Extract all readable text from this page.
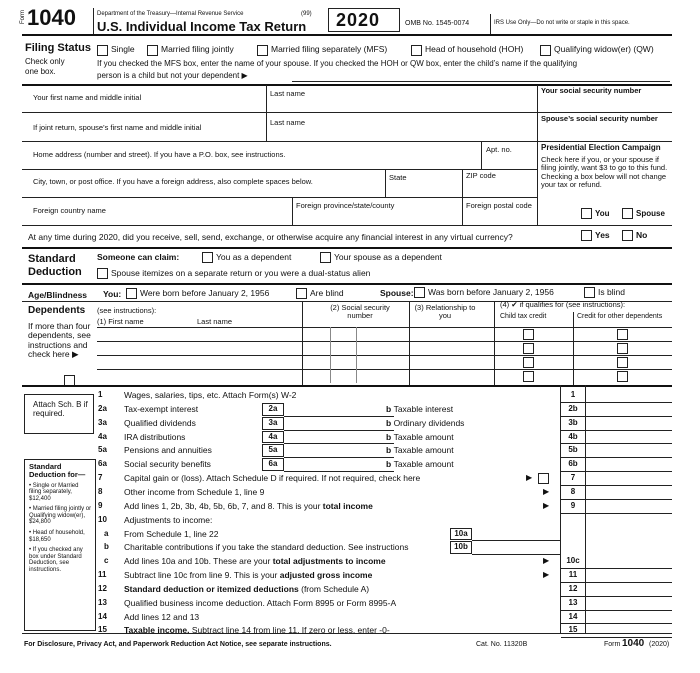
Form 1040	Department of the Treasury—Internal Revenue Service	(99)
U.S. Individual Income Tax Return 2020	OMB No. 1545-0074	IRS Use Only—Do not write or staple in this space.
Filing Status
Check only
one box.
Single	Married filing jointly	Married filing separately (MFS)	Head of household (HOH)	Qualifying widow(er) (QW)
If you checked the MFS box, enter the name of your spouse. If you checked the HOH or QW box, enter the child’s name if the qualifying
person is a child but not your dependent ▶
Your first name and middle initial	Last name	Your social security number
If joint return, spouse’s first name and middle initial
Last name	Spouse’s social security number
Home address (number and street). If you have a P.O. box, see instructions.
Apt. no.	Presidential Election Campaign
Check here if you, or your spouse if filing jointly, want $3 to go to this fund. Checking a box below will not change your tax or refund.
City, town, or post office. If you have a foreign address, also complete spaces below.	State	ZIP code
Foreign country name
Foreign province/state/county	Foreign postal code
You	Spouse
At any time during 2020, did you receive, sell, send, exchange, or otherwise acquire any financial interest in any virtual currency?	Yes	No
Standard
Deduction
Someone can claim:	You as a dependent	Your spouse as a dependent
Spouse itemizes on a separate return or you were a dual-status alien
Age/Blindness You: Were born before January 2, 1956	Are blind	Spouse: Was born before January 2, 1956	Is blind
Dependents (see instructions):
(1) First name	Last name
(2) Social security number
(3) Relationship to you
(4) ✔ if qualifies for (see instructions):
Child tax credit	Credit for other dependents
If more than four dependents, see instructions and check here ▶
Attach Sch. B if required.
Standard Deduction for—
• Single or Married filing separately, $12,400
• Married filing jointly or Qualifying widow(er), $24,800
• Head of household, $18,650
• If you checked any box under Standard Deduction, see instructions.
1	Wages, salaries, tips, etc. Attach Form(s) W-2	1
2a	Tax-exempt interest	2a	b Taxable interest	2b
3a	Qualified dividends	3a	b Ordinary dividends	3b
4a	IRA distributions	4a	b Taxable amount	4b
5a	Pensions and annuities	5a	b Taxable amount	5b
6a	Social security benefits	6a	b Taxable amount	6b
7	Capital gain or (loss). Attach Schedule D if required. If not required, check here	7
8	Other income from Schedule 1, line 9	8
9	Add lines 1, 2b, 3b, 4b, 5b, 6b, 7, and 8. This is your total income	9
10	Adjustments to income:
a	From Schedule 1, line 22	10a
b	Charitable contributions if you take the standard deduction. See instructions	10b
c	Add lines 10a and 10b. These are your total adjustments to income	10c
11	Subtract line 10c from line 9. This is your adjusted gross income	11
12	Standard deduction or itemized deductions (from Schedule A)	12
13	Qualified business income deduction. Attach Form 8995 or Form 8995-A	13
14	Add lines 12 and 13	14
15	Taxable income. Subtract line 14 from line 11. If zero or less, enter -0-	15
▶
▶
▶
▶
▶
For Disclosure, Privacy Act, and Paperwork Reduction Act Notice, see separate instructions.	Cat. No. 11320B	Form 1040 (2020)
